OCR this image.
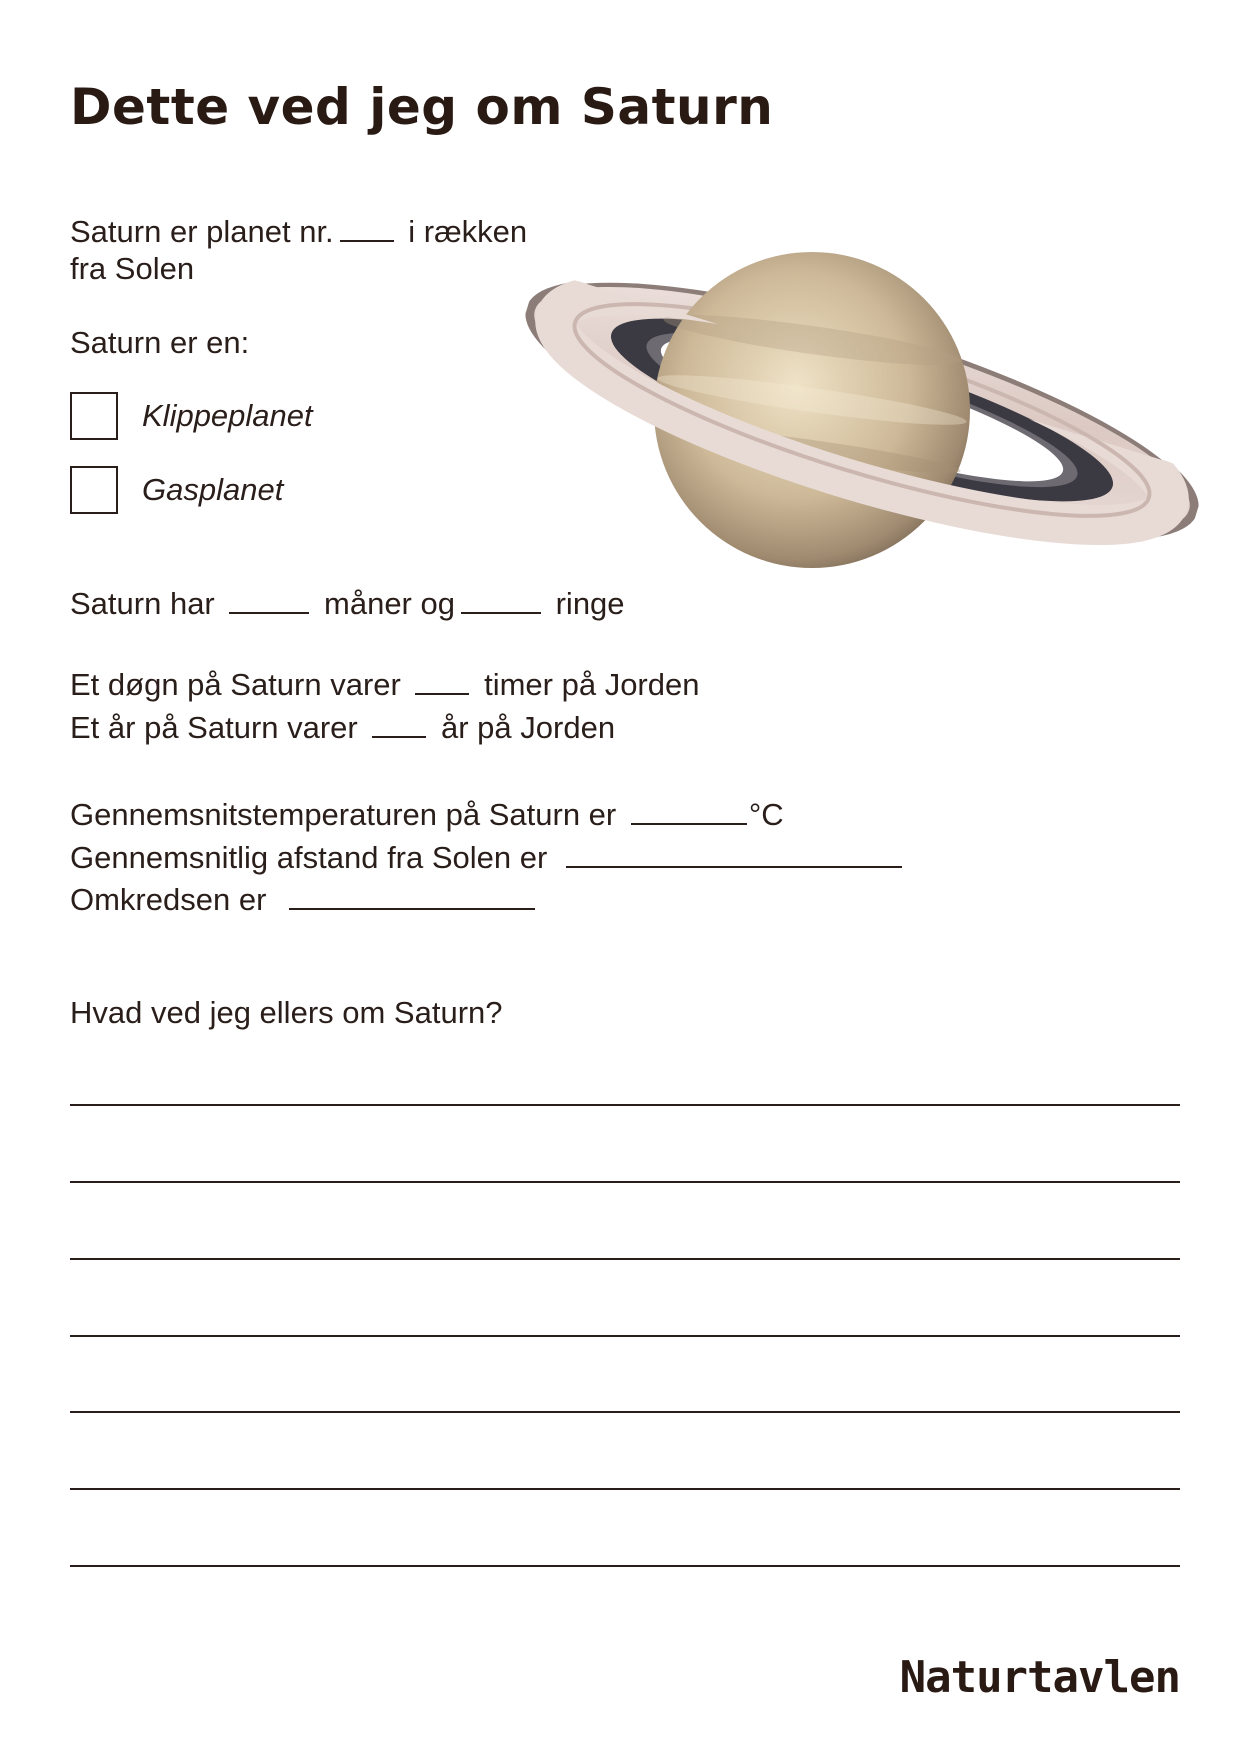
Dette ved jeg om Saturn
Saturn er planet nr. i rækken
fra Solen
Saturn er en:
Klippeplanet
Gasplanet
Saturn har	måner og	ringe
Et døgn på Saturn varer	timer på Jorden
Et år på Saturn varer	år på Jorden
Gennemsnitstemperaturen på Saturn er	°C
Gennemsnitlig afstand fra Solen er
Omkredsen er
Hvad ved jeg ellers om Saturn?
Naturtavlen
